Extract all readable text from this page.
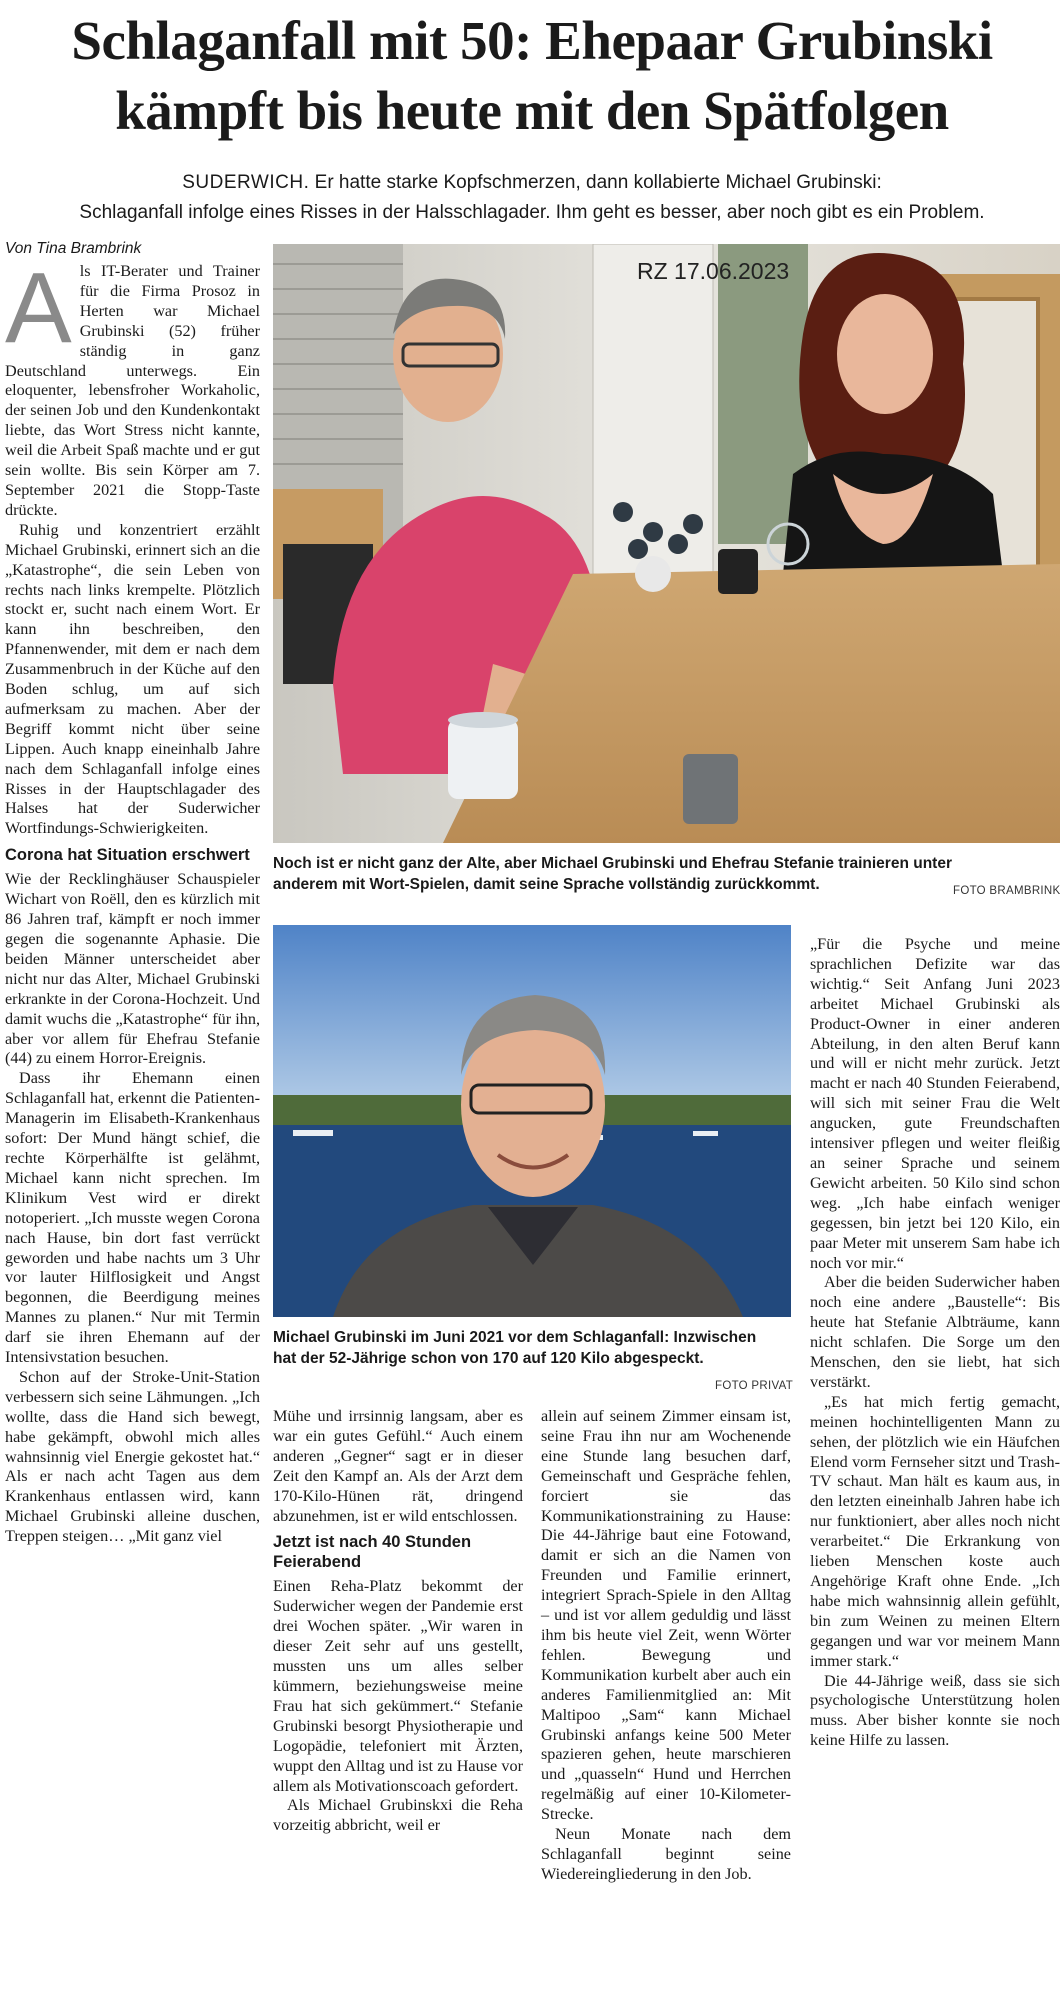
Schlaganfall mit 50: Ehepaar Grubinski
kämpft bis heute mit den Spätfolgen
SUDERWICH. Er hatte starke Kopfschmerzen, dann kollabierte Michael Grubinski:
Schlaganfall infolge eines Risses in der Halsschlagader. Ihm geht es besser, aber noch gibt es ein Problem.
Von Tina Brambrink
RZ 17.06.2023
Noch ist er nicht ganz der Alte, aber Michael Grubinski und Ehefrau Stefanie trainieren unter anderem mit Wort-Spielen, damit seine Sprache vollständig zurückkommt.	FOTO BRAMBRINK
Michael Grubinski im Juni 2021 vor dem Schlaganfall: Inzwischen hat der 52-Jährige schon von 170 auf 120 Kilo abgespeckt.
FOTO PRIVAT

Als IT-Berater und Trainer für die Firma Prosoz in Herten war Michael Grubinski (52) früher ständig in ganz Deutschland unterwegs. Ein eloquenter, lebensfroher Workaholic, der seinen Job und den Kundenkontakt liebte, das Wort Stress nicht kannte, weil die Arbeit Spaß machte und er gut sein wollte. Bis sein Körper am 7. September 2021 die Stopp-Taste drückte.

Ruhig und konzentriert erzählt Michael Grubinski, erinnert sich an die „Katastrophe“, die sein Leben von rechts nach links krempelte. Plötzlich stockt er, sucht nach einem Wort. Er kann ihn beschreiben, den Pfannenwender, mit dem er nach dem Zusammenbruch in der Küche auf den Boden schlug, um auf sich aufmerksam zu machen. Aber der Begriff kommt nicht über seine Lippen. Auch knapp eineinhalb Jahre nach dem Schlaganfall infolge eines Risses in der Hauptschlagader des Halses hat der Suderwicher Wortfindungs-Schwierigkeiten.

Corona hat Situation erschwert

Wie der Recklinghäuser Schauspieler Wichart von Roëll, den es kürzlich mit 86 Jahren traf, kämpft er noch immer gegen die sogenannte Aphasie. Die beiden Männer unterscheidet aber nicht nur das Alter, Michael Grubinski erkrankte in der Corona-Hochzeit. Und damit wuchs die „Katastrophe“ für ihn, aber vor allem für Ehefrau Stefanie (44) zu einem Horror-Ereignis.

Dass ihr Ehemann einen Schlaganfall hat, erkennt die Patienten-Managerin im Elisabeth-Krankenhaus sofort: Der Mund hängt schief, die rechte Körperhälfte ist gelähmt, Michael kann nicht sprechen. Im Klinikum Vest wird er direkt notoperiert. „Ich musste wegen Corona nach Hause, bin dort fast verrückt geworden und habe nachts um 3 Uhr vor lauter Hilflosigkeit und Angst begonnen, die Beerdigung meines Mannes zu planen.“ Nur mit Termin darf sie ihren Ehemann auf der Intensivstation besuchen.

Schon auf der Stroke-Unit-Station verbessern sich seine Lähmungen. „Ich wollte, dass die Hand sich bewegt, habe gekämpft, obwohl mich alles wahnsinnig viel Energie gekostet hat.“ Als er nach acht Tagen aus dem Krankenhaus entlassen wird, kann Michael Grubinski alleine duschen, Treppen steigen… „Mit ganz viel

Mühe und irrsinnig langsam, aber es war ein gutes Gefühl.“ Auch einem anderen „Gegner“ sagt er in dieser Zeit den Kampf an. Als der Arzt dem 170-Kilo-Hünen rät, dringend abzunehmen, ist er wild entschlossen.

Jetzt ist nach 40 Stunden Feierabend

Einen Reha-Platz bekommt der Suderwicher wegen der Pandemie erst drei Wochen später. „Wir waren in dieser Zeit sehr auf uns gestellt, mussten uns um alles selber kümmern, beziehungsweise meine Frau hat sich gekümmert.“ Stefanie Grubinski besorgt Physiotherapie und Logopädie, telefoniert mit Ärzten, wuppt den Alltag und ist zu Hause vor allem als Motivationscoach gefordert.

Als Michael Grubinskxi die Reha vorzeitig abbricht, weil er

allein auf seinem Zimmer einsam ist, seine Frau ihn nur am Wochenende eine Stunde lang besuchen darf, Gemeinschaft und Gespräche fehlen, forciert sie das Kommunikationstraining zu Hause: Die 44-Jährige baut eine Fotowand, damit er sich an die Namen von Freunden und Familie erinnert, integriert Sprach-Spiele in den Alltag – und ist vor allem geduldig und lässt ihm bis heute viel Zeit, wenn Wörter fehlen. Bewegung und Kommunikation kurbelt aber auch ein anderes Familienmitglied an: Mit Maltipoo „Sam“ kann Michael Grubinski anfangs keine 500 Meter spazieren gehen, heute marschieren und „quasseln“ Hund und Herrchen regelmäßig auf einer 10-Kilometer-Strecke.

Neun Monate nach dem Schlaganfall beginnt seine Wiedereingliederung in den Job.

„Für die Psyche und meine sprachlichen Defizite war das wichtig.“ Seit Anfang Juni 2023 arbeitet Michael Grubinski als Product-Owner in einer anderen Abteilung, in den alten Beruf kann und will er nicht mehr zurück. Jetzt macht er nach 40 Stunden Feierabend, will sich mit seiner Frau die Welt angucken, gute Freundschaften intensiver pflegen und weiter fleißig an seiner Sprache und seinem Gewicht arbeiten. 50 Kilo sind schon weg. „Ich habe einfach weniger gegessen, bin jetzt bei 120 Kilo, ein paar Meter mit unserem Sam habe ich noch vor mir.“

Aber die beiden Suderwicher haben noch eine andere „Baustelle“: Bis heute hat Stefanie Albträume, kann nicht schlafen. Die Sorge um den Menschen, den sie liebt, hat sich verstärkt.

„Es hat mich fertig gemacht, meinen hochintelligenten Mann zu sehen, der plötzlich wie ein Häufchen Elend vorm Fernseher sitzt und Trash-TV schaut. Man hält es kaum aus, in den letzten eineinhalb Jahren habe ich nur funktioniert, aber alles noch nicht verarbeitet.“ Die Erkrankung von lieben Menschen koste auch Angehörige Kraft ohne Ende. „Ich habe mich wahnsinnig allein gefühlt, bin zum Weinen zu meinen Eltern gegangen und war vor meinem Mann immer stark.“

Die 44-Jährige weiß, dass sie sich psychologische Unterstützung holen muss. Aber bisher konnte sie noch keine Hilfe zu lassen.
